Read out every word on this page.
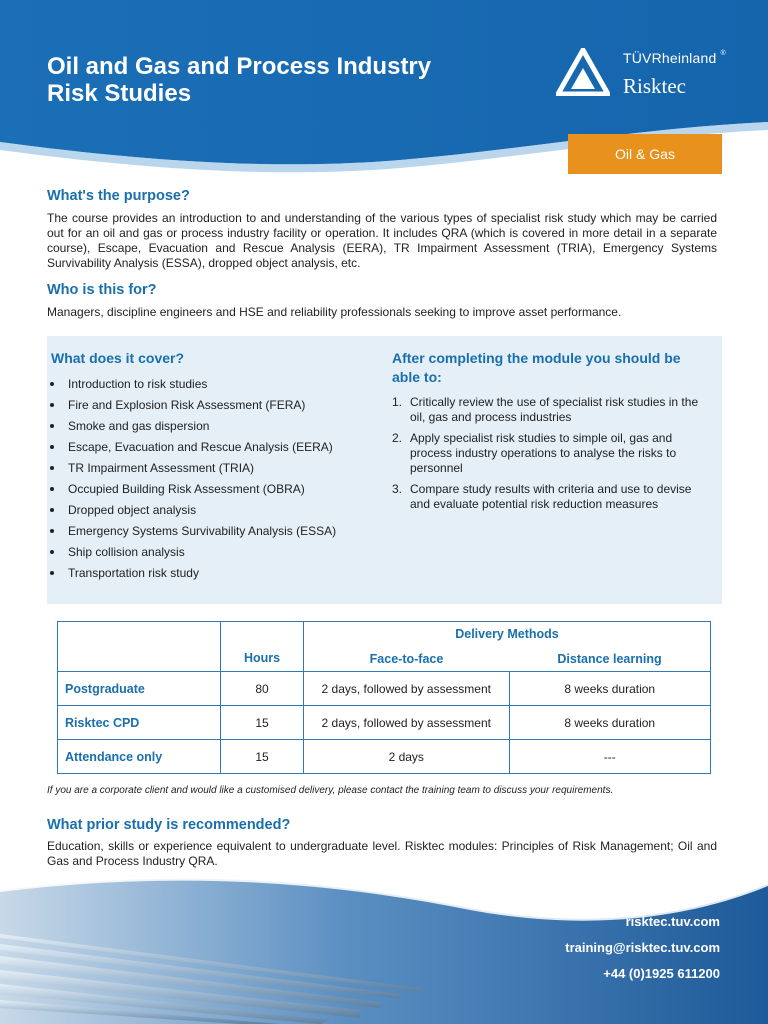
Oil and Gas and Process Industry
Risk Studies
TÜVRheinland ®
Risktec
Oil & Gas
What's the purpose?

The course provides an introduction to and understanding of the various types of specialist risk study which may be carried out for an oil and gas or process industry facility or operation. It includes QRA (which is covered in more detail in a separate course), Escape, Evacuation and Rescue Analysis (EERA), TR Impairment Assessment (TRIA), Emergency Systems Survivability Analysis (ESSA), dropped object analysis, etc.

Who is this for?

Managers, discipline engineers and HSE and reliability professionals seeking to improve asset performance.

What does it cover?
Introduction to risk studies
Fire and Explosion Risk Assessment (FERA)
Smoke and gas dispersion
Escape, Evacuation and Rescue Analysis (EERA)
TR Impairment Assessment (TRIA)
Occupied Building Risk Assessment (OBRA)
Dropped object analysis
Emergency Systems Survivability Analysis (ESSA)
Ship collision analysis
Transportation risk study
After completing the module you should be
able to:
1. Critically review the use of specialist risk studies in the oil, gas and process industries
2. Apply specialist risk studies to simple oil, gas and process industry operations to analyse the risks to personnel
3. Compare study results with criteria and use to devise and evaluate potential risk reduction measures
	Hours	Delivery Methods	
		Face-to-face	Distance learning
Postgraduate	80	2 days, followed by assessment	8 weeks duration
Risktec CPD	15	2 days, followed by assessment	8 weeks duration
Attendance only	15	2 days	---
If you are a corporate client and would like a customised delivery, please contact the training team to discuss your requirements.
What prior study is recommended?

Education, skills or experience equivalent to undergraduate level. Risktec modules: Principles of Risk Management; Oil and Gas and Process Industry QRA.

risktec.tuv.com
training@risktec.tuv.com
+44 (0)1925 611200
